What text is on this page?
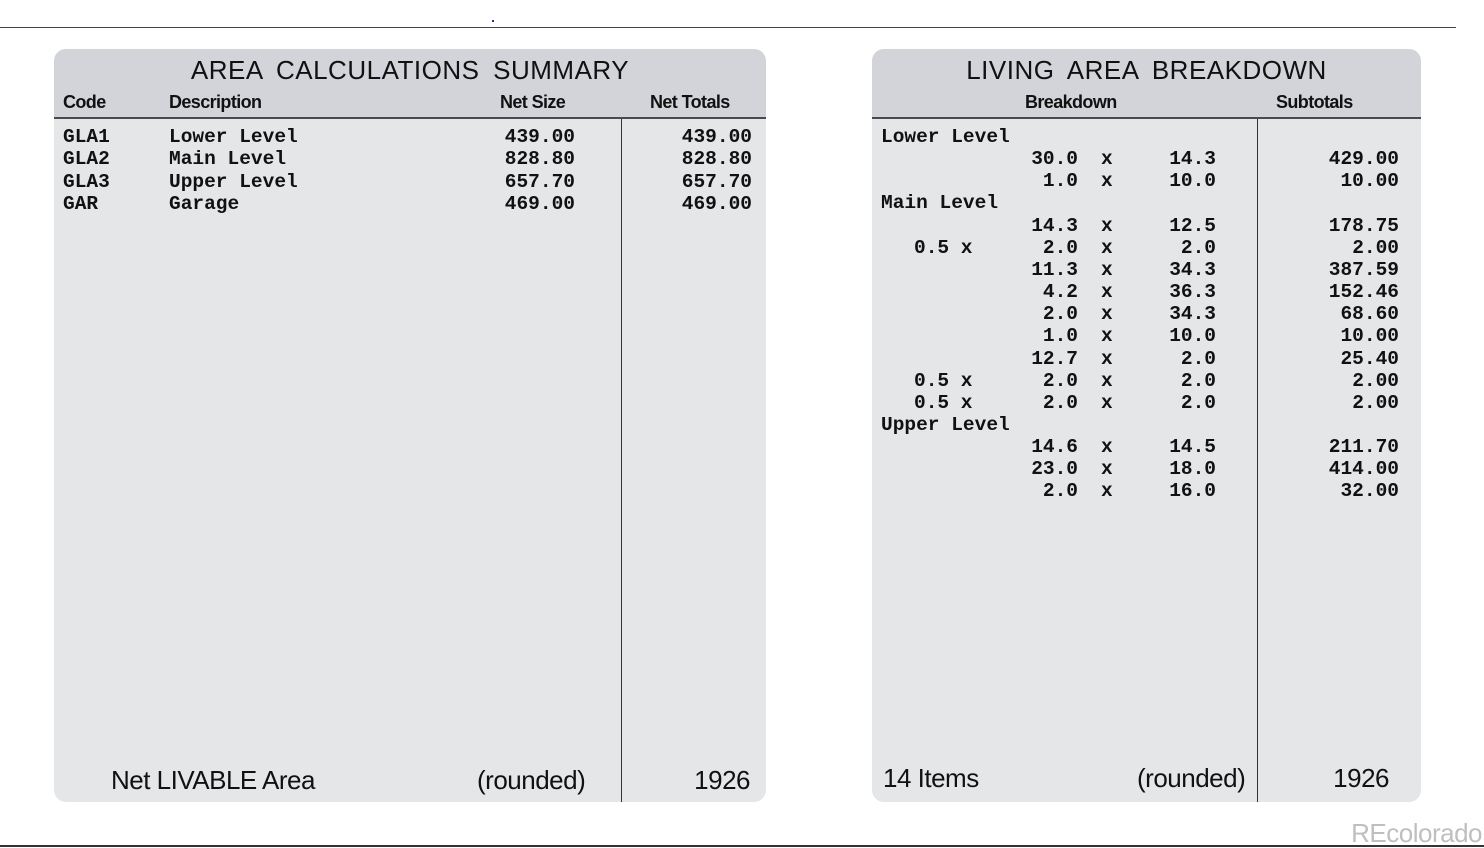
AREA CALCULATIONS SUMMARY
Code	Description	Net Size	Net Totals
GLA1	Lower Level	439.00	439.00
GLA2	Main Level	828.80	828.80
GLA3	Upper Level	657.70	657.70
GAR	Garage	469.00	469.00
Net LIVABLE Area	(rounded)	1926
LIVING AREA BREAKDOWN
Breakdown	Subtotals
Lower Level
30.0 x	14.3	429.00
1.0 x	10.0	10.00
Main Level
14.3 x	12.5	178.75
0.5 x	2.0 x	2.0	2.00
11.3 x	34.3	387.59
4.2 x	36.3	152.46
2.0 x	34.3	68.60
1.0 x	10.0	10.00
12.7 x	2.0	25.40
0.5 x	2.0 x	2.0	2.00
0.5 x	2.0 x	2.0	2.00
Upper Level
14.6 x	14.5	211.70
23.0 x	18.0	414.00
2.0 x	16.0	32.00
14 Items	(rounded)	1926
REcolorado
